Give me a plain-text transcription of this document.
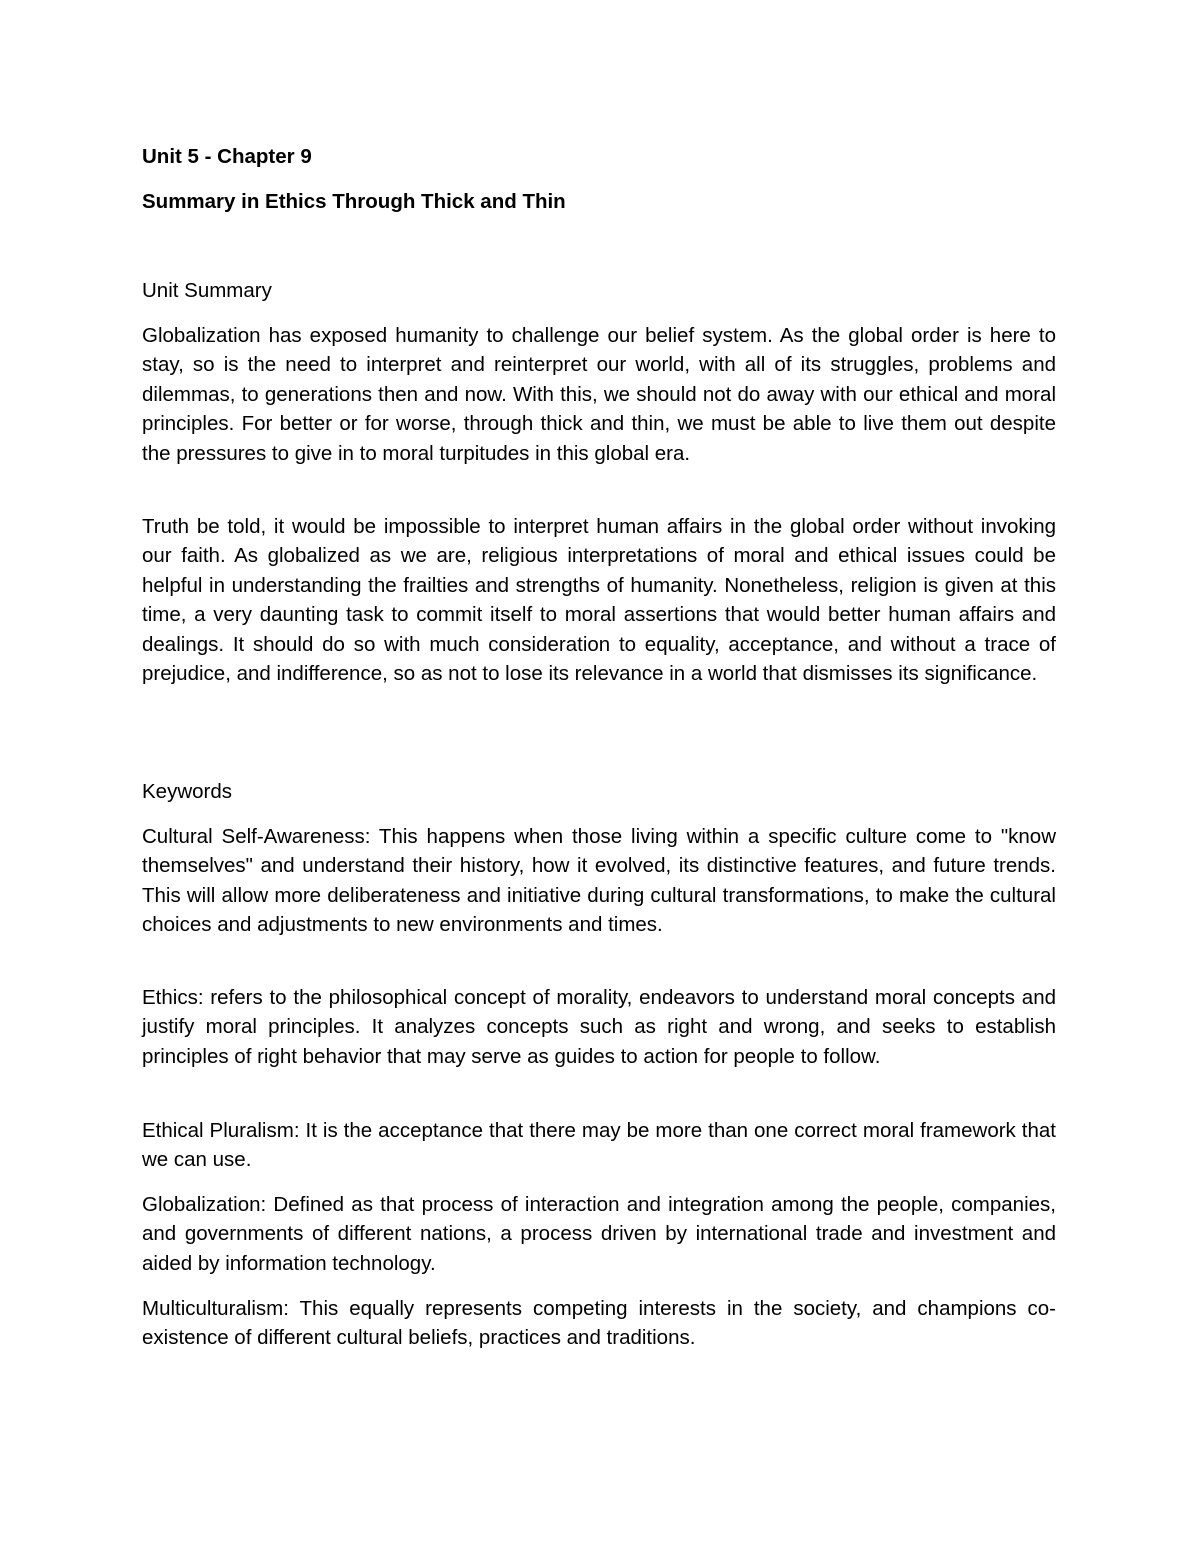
Unit 5 - Chapter 9
Summary in Ethics Through Thick and Thin
Unit Summary

Globalization has exposed humanity to challenge our belief system. As the global order is here to stay, so is the need to interpret and reinterpret our world, with all of its struggles, problems and dilemmas, to generations then and now. With this, we should not do away with our ethical and moral principles. For better or for worse, through thick and thin, we must be able to live them out despite the pressures to give in to moral turpitudes in this global era.

Truth be told, it would be impossible to interpret human affairs in the global order without invoking our faith. As globalized as we are, religious interpretations of moral and ethical issues could be helpful in understanding the frailties and strengths of humanity. Nonetheless, religion is given at this time, a very daunting task to commit itself to moral assertions that would better human affairs and dealings. It should do so with much consideration to equality, acceptance, and without a trace of prejudice, and indifference, so as not to lose its relevance in a world that dismisses its significance.

Keywords

Cultural Self-Awareness: This happens when those living within a specific culture come to "know themselves" and understand their history, how it evolved, its distinctive features, and future trends. This will allow more deliberateness and initiative during cultural transformations, to make the cultural choices and adjustments to new environments and times.

Ethics: refers to the philosophical concept of morality, endeavors to understand moral concepts and justify moral principles. It analyzes concepts such as right and wrong, and seeks to establish principles of right behavior that may serve as guides to action for people to follow.

Ethical Pluralism: It is the acceptance that there may be more than one correct moral framework that we can use.

Globalization: Defined as that process of interaction and integration among the people, companies, and governments of different nations, a process driven by international trade and investment and aided by information technology.

Multiculturalism: This equally represents competing interests in the society, and champions co-existence of different cultural beliefs, practices and traditions.
